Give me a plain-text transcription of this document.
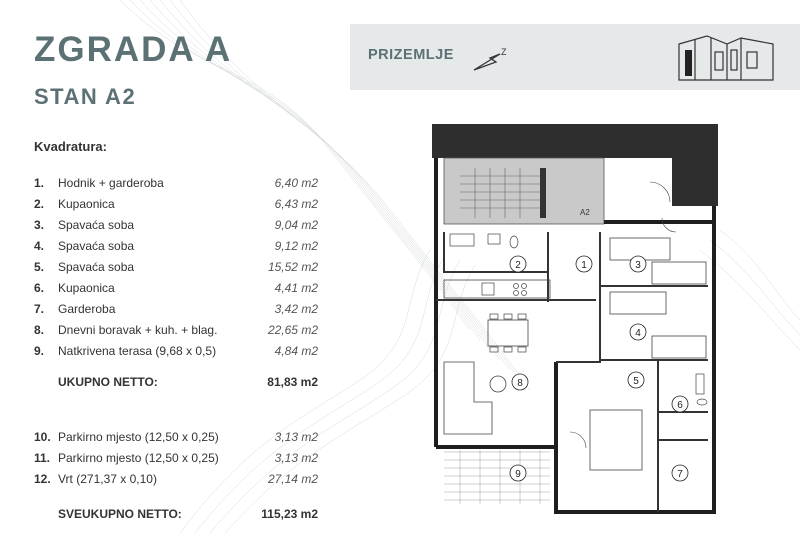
ZGRADA A
STAN A2
PRIZEMLJE	Z
Kvadratura:
1. Hodnik + garderoba	6,40 m2
2. Kupaonica	6,43 m2
3. Spavaća soba	9,04 m2
4. Spavaća soba	9,12 m2
5. Spavaća soba	15,52 m2
6. Kupaonica	4,41 m2
7. Garderoba	3,42 m2
8. Dnevni boravak + kuh. + blag.	22,65 m2
9. Natkrivena terasa (9,68 x 0,5)	4,84 m2
10. Parkirno mjesto (12,50 x 0,25)	3,13 m2
11. Parkirno mjesto (12,50 x 0,25)	3,13 m2
12. Vrt (271,37 x 0,10)	27,14 m2
UKUPNO NETTO:	81,83 m2
SVEUKUPNO NETTO:	115,23 m2
A2
1
2	3
4
5
6
7
8
9
